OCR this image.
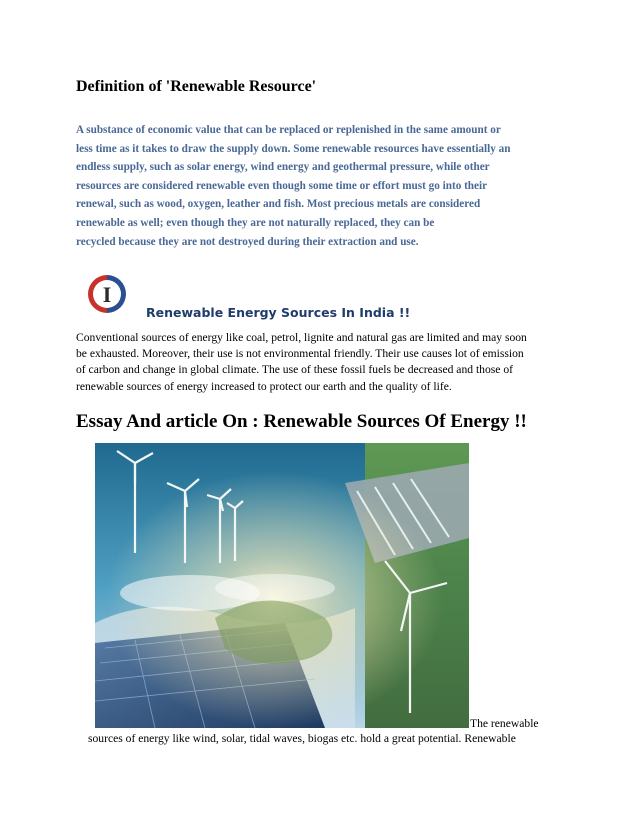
Definition of 'Renewable Resource'

A substance of economic value that can be replaced or replenished in the same amount or
less time as it takes to draw the supply down. Some renewable resources have essentially an
endless supply, such as solar energy, wind energy and geothermal pressure, while other
resources are considered renewable even though some time or effort must go into their
renewal, such as wood, oxygen, leather and fish. Most precious metals are considered
renewable as well; even though they are not naturally replaced, they can be
recycled because they are not destroyed during their extraction and use.

I
Renewable Energy Sources In India !!

Conventional sources of energy like coal, petrol, lignite and natural gas are limited and may soon
be exhausted. Moreover, their use is not environmental friendly. Their use causes lot of emission
of carbon and change in global climate. The use of these fossil fuels be decreased and those of
renewable sources of energy increased to protect our earth and the quality of life.

Essay And article On : Renewable Sources Of Energy !!
The renewable
sources of energy like wind, solar, tidal waves, biogas etc. hold a great potential. Renewable
